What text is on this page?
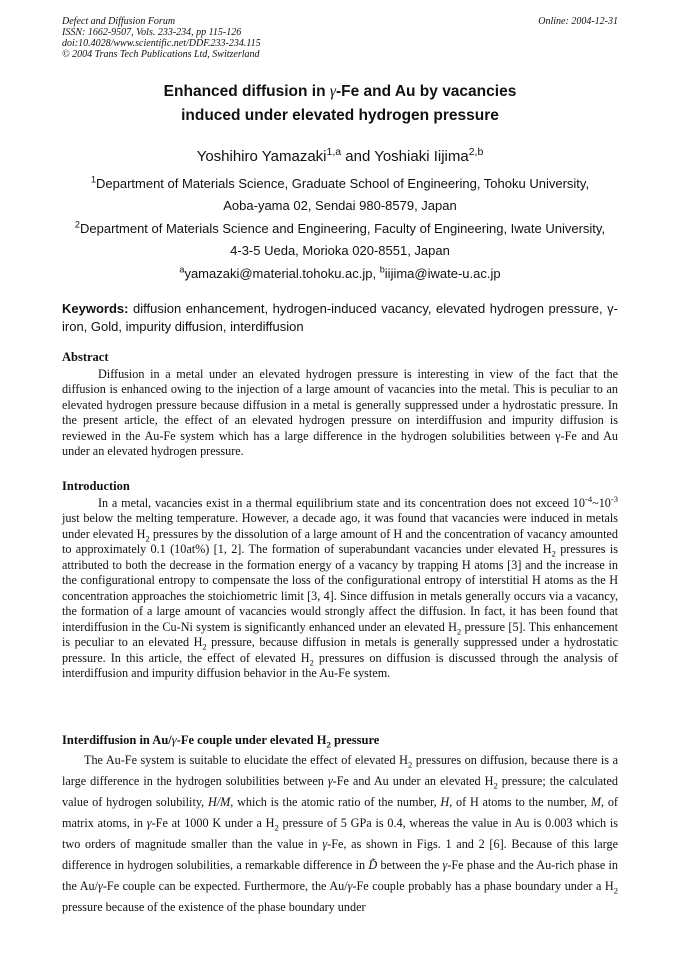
Defect and Diffusion Forum
ISSN: 1662-9507, Vols. 233-234, pp 115-126
doi:10.4028/www.scientific.net/DDF.233-234.115
© 2004 Trans Tech Publications Ltd, Switzerland
Online: 2004-12-31
Enhanced diffusion in γ-Fe and Au by vacancies
induced under elevated hydrogen pressure
Yoshihiro Yamazaki$^{1,a}$ and Yoshiaki Iijima$^{2,b}$
$^1$Department of Materials Science, Graduate School of Engineering, Tohoku University,
Aoba-yama 02, Sendai 980-8579, Japan
$^2$Department of Materials Science and Engineering, Faculty of Engineering, Iwate University,
4-3-5 Ueda, Morioka 020-8551, Japan
$^a$yamazaki@material.tohoku.ac.jp, $^b$iijima@iwate-u.ac.jp
Keywords: diffusion enhancement, hydrogen-induced vacancy, elevated hydrogen pressure, γ-iron, Gold, impurity diffusion, interdiffusion
Abstract

Diffusion in a metal under an elevated hydrogen pressure is interesting in view of the fact that the diffusion is enhanced owing to the injection of a large amount of vacancies into the metal. This is peculiar to an elevated hydrogen pressure because diffusion in a metal is generally suppressed under a hydrostatic pressure. In the present article, the effect of an elevated hydrogen pressure on interdiffusion and impurity diffusion is reviewed in the Au-Fe system which has a large difference in the hydrogen solubilities between γ-Fe and Au under an elevated hydrogen pressure.

Introduction

In a metal, vacancies exist in a thermal equilibrium state and its concentration does not exceed $10^{-4}\sim 10^{-3}$ just below the melting temperature. However, a decade ago, it was found that vacancies were induced in metals under elevated $H_2$ pressures by the dissolution of a large amount of H and the concentration of vacancy amounted to approximately 0.1 (10at%) [1, 2]. The formation of superabundant vacancies under elevated $H_2$ pressures is attributed to both the decrease in the formation energy of a vacancy by trapping H atoms [3] and the increase in the configurational entropy to compensate the loss of the configurational entropy of interstitial H atoms as the H concentration approaches the stoichiometric limit [3, 4]. Since diffusion in metals generally occurs via a vacancy, the formation of a large amount of vacancies would strongly affect the diffusion. In fact, it has been found that interdiffusion in the Cu-Ni system is significantly enhanced under an elevated $H_2$ pressure [5]. This enhancement is peculiar to an elevated $H_2$ pressure, because diffusion in metals is generally suppressed under a hydrostatic pressure. In this article, the effect of elevated $H_2$ pressures on diffusion is discussed through the analysis of interdiffusion and impurity diffusion behavior in the Au-Fe system.

Interdiffusion in Au/γ-Fe couple under elevated $H_2$ pressure

The Au-Fe system is suitable to elucidate the effect of elevated $H_2$ pressures on diffusion, because there is a large difference in the hydrogen solubilities between γ-Fe and Au under an elevated $H_2$ pressure; the calculated value of hydrogen solubility, H/M, which is the atomic ratio of the number, H, of H atoms to the number, M, of matrix atoms, in γ-Fe at 1000 K under a $H_2$ pressure of 5 GPa is 0.4, whereas the value in Au is 0.003 which is two orders of magnitude smaller than the value in γ-Fe, as shown in Figs. 1 and 2 [6]. Because of this large difference in hydrogen solubilities, a remarkable difference in D̃ between the γ-Fe phase and the Au-rich phase in the Au/γ-Fe couple can be expected. Furthermore, the Au/γ-Fe couple probably has a phase boundary under a $H_2$ pressure because of the existence of the phase boundary under
